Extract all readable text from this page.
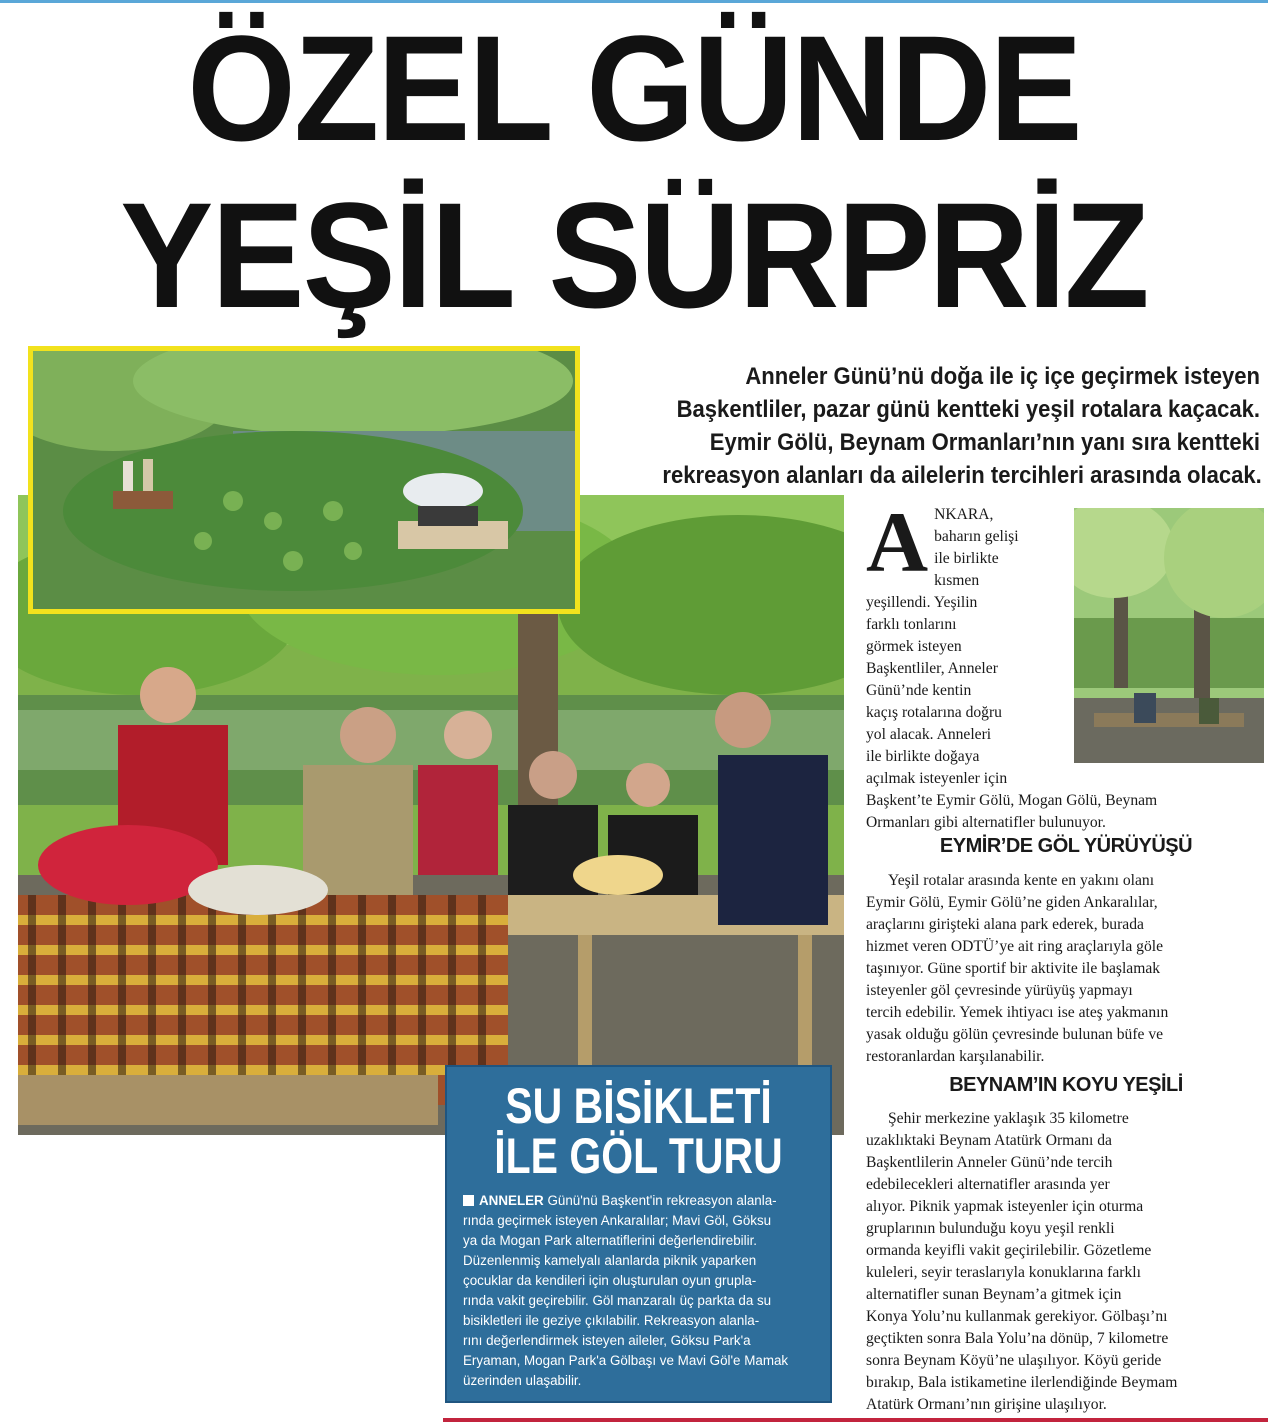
ÖZEL GÜNDE
YEŞİL SÜRPRİZ
Anneler Günü’nü doğa ile iç içe geçirmek isteyen
Başkentliler, pazar günü kentteki yeşil rotalara kaçacak.
Eymir Gölü, Beynam Ormanları’nın yanı sıra kentteki
rekreasyon alanları da ailelerin tercihleri arasında olacak.
A NKARA,
baharın gelişi
ile birlikte
kısmen
yeşillendi. Yeşilin
farklı tonlarını
görmek isteyen
Başkentliler, Anneler
Günü’nde kentin
kaçış rotalarına doğru
yol alacak. Anneleri
ile birlikte doğaya
açılmak isteyenler için
Başkent’te Eymir Gölü, Mogan Gölü, Beynam
Ormanları gibi alternatifler bulunuyor.
EYMİR’DE GÖL YÜRÜYÜŞÜ
Yeşil rotalar arasında kente en yakını olanı
Eymir Gölü, Eymir Gölü’ne giden Ankaralılar,
araçlarını girişteki alana park ederek, burada
hizmet veren ODTÜ’ye ait ring araçlarıyla göle
taşınıyor. Güne sportif bir aktivite ile başlamak
isteyenler göl çevresinde yürüyüş yapmayı
tercih edebilir. Yemek ihtiyacı ise ateş yakmanın
yasak olduğu gölün çevresinde bulunan büfe ve
restoranlardan karşılanabilir.
BEYNAM’IN KOYU YEŞİLİ
Şehir merkezine yaklaşık 35 kilometre
uzaklıktaki Beynam Atatürk Ormanı da
Başkentlilerin Anneler Günü’nde tercih
edebilecekleri alternatifler arasında yer
alıyor. Piknik yapmak isteyenler için oturma
gruplarının bulunduğu koyu yeşil renkli
ormanda keyifli vakit geçirilebilir. Gözetleme
kuleleri, seyir teraslarıyla konuklarına farklı
alternatifler sunan Beynam’a gitmek için
Konya Yolu’nu kullanmak gerekiyor. Gölbaşı’nı
geçtikten sonra Bala Yolu’na dönüp, 7 kilometre
sonra Beynam Köyü’ne ulaşılıyor. Köyü geride
bırakıp, Bala istikametine ilerlendiğinde Beymam
Atatürk Ormanı’nın girişine ulaşılıyor.
SU BİSİKLETİ
İLE GÖL TURU
ANNELER Günü'nü Başkent'in rekreasyon alanla-
rında geçirmek isteyen Ankaralılar; Mavi Göl, Göksu
ya da Mogan Park alternatiflerini değerlendirebilir.
Düzenlenmiş kamelyalı alanlarda piknik yaparken
çocuklar da kendileri için oluşturulan oyun grupla-
rında vakit geçirebilir. Göl manzaralı üç parkta da su
bisikletleri ile geziye çıkılabilir. Rekreasyon alanla-
rını değerlendirmek isteyen aileler, Göksu Park'a
Eryaman, Mogan Park'a Gölbaşı ve Mavi Göl'e Mamak
üzerinden ulaşabilir.
